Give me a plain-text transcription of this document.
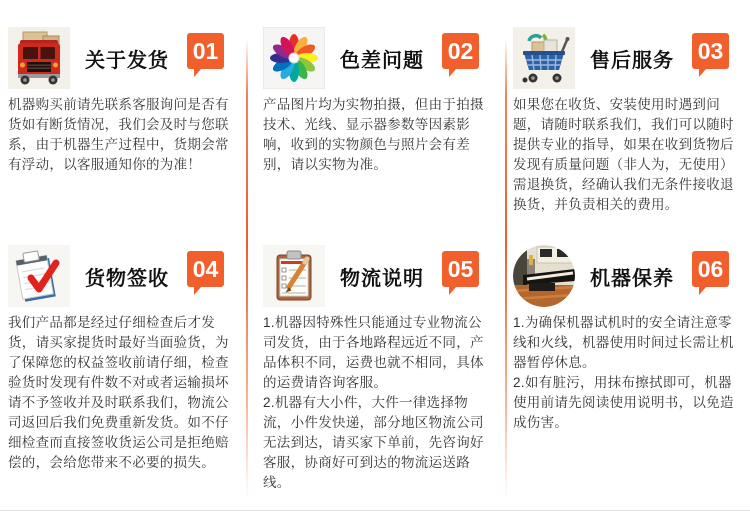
关于发货 01

机器购买前请先联系客服询问是否有货如有断货情况，我们会及时与您联系，由于机器生产过程中，货期会常有浮动，以客服通知你的为准！

色差问题 02

产品图片均为实物拍摄，但由于拍摄技术、光线、显示器参数等因素影响，收到的实物颜色与照片会有差别，请以实物为准。

售后服务 03

如果您在收货、安装使用时遇到问题，请随时联系我们，我们可以随时提供专业的指导，如果在收到货物后发现有质量问题（非人为，无使用）需退换货，经确认我们无条件接收退换货，并负责相关的费用。

货物签收 04

我们产品都是经过仔细检查后才发货，请买家提货时最好当面验货，为了保障您的权益签收前请仔细，检查验货时发现有件数不对或者运输损坏请不予签收并及时联系我们，物流公司返回后我们免费重新发货。如不仔细检查而直接签收货运公司是拒绝赔偿的，会给您带来不必要的损失。

物流说明 05

1.机器因特殊性只能通过专业物流公司发货，由于各地路程远近不同，产品体积不同，运费也就不相同，具体的运费请咨询客服。

2.机器有大小件，大件一律选择物流，小件发快递，部分地区物流公司无法到达，请买家下单前，先咨询好客服，协商好可到达的物流运送路线。

机器保养 06

1.为确保机器试机时的安全请注意零线和火线，机器使用时间过长需让机器暂停休息。

2.如有脏污，用抹布擦拭即可，机器使用前请先阅读使用说明书，以免造成伤害。
